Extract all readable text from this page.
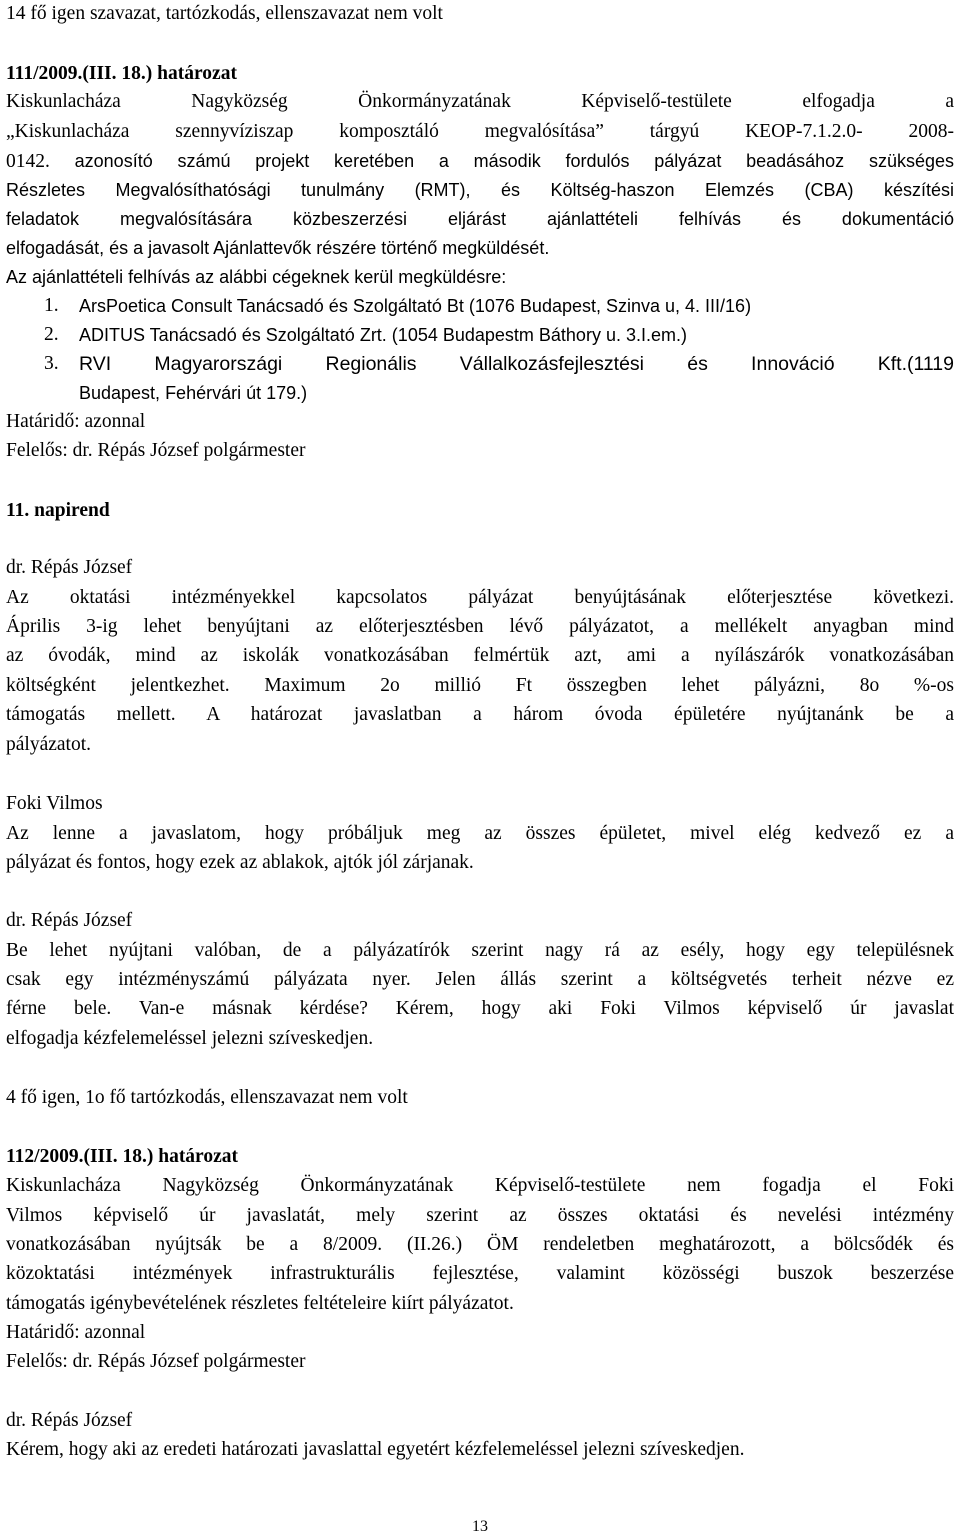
14 fő igen szavazat, tartózkodás, ellenszavazat nem volt
111/2009.(III. 18.) határozat
Kiskunlacháza Nagyközség Önkormányzatának Képviselő-testülete elfogadja a
„Kiskunlacháza szennyvíziszap komposztáló megvalósítása” tárgyú KEOP-7.1.2.0- 2008-
0142. azonosító számú projekt keretében a második fordulós pályázat beadásához szükséges
Részletes Megvalósíthatósági tunulmány (RMT), és Költség-haszon Elemzés (CBA) készítési
feladatok megvalósítására közbeszerzési eljárást ajánlattételi felhívás és dokumentáció
elfogadását, és a javasolt Ajánlattevők részére történő megküldését.
Az ajánlattételi felhívás az alábbi cégeknek kerül megküldésre:
1. ArsPoetica Consult Tanácsadó és Szolgáltató Bt (1076 Budapest, Szinva u, 4. III/16)
2. ADITUS Tanácsadó és Szolgáltató Zrt. (1054 Budapestm Báthory u. 3.I.em.)
3. RVI Magyarországi Regionális Vállalkozásfejlesztési és Innováció Kft.(1119
Budapest, Fehérvári út 179.)
Határidő: azonnal
Felelős: dr. Répás József polgármester
11. napirend
dr. Répás József
Az oktatási intézményekkel kapcsolatos pályázat benyújtásának előterjesztése következi.
Április 3-ig lehet benyújtani az előterjesztésben lévő pályázatot, a mellékelt anyagban mind
az óvodák, mind az iskolák vonatkozásában felmértük azt, ami a nyílászárók vonatkozásában
költségként jelentkezhet. Maximum 2o millió Ft összegben lehet pályázni, 8o %-os
támogatás mellett. A határozat javaslatban a három óvoda épületére nyújtanánk be a
pályázatot.
Foki Vilmos
Az lenne a javaslatom, hogy próbáljuk meg az összes épületet, mivel elég kedvező ez a
pályázat és fontos, hogy ezek az ablakok, ajtók jól zárjanak.
dr. Répás József
Be lehet nyújtani valóban, de a pályázatírók szerint nagy rá az esély, hogy egy településnek
csak egy intézményszámú pályázata nyer. Jelen állás szerint a költségvetés terheit nézve ez
férne bele. Van-e másnak kérdése? Kérem, hogy aki Foki Vilmos képviselő úr javaslat
elfogadja kézfelemeléssel jelezni szíveskedjen.
4 fő igen, 1o fő tartózkodás, ellenszavazat nem volt
112/2009.(III. 18.) határozat
Kiskunlacháza Nagyközség Önkormányzatának Képviselő-testülete nem fogadja el Foki
Vilmos képviselő úr javaslatát, mely szerint az összes oktatási és nevelési intézmény
vonatkozásában nyújtsák be a 8/2009. (II.26.) ÖM rendeletben meghatározott, a bölcsődék és
közoktatási intézmények infrastrukturális fejlesztése, valamint közösségi buszok beszerzése
támogatás igénybevételének részletes feltételeire kiírt pályázatot.
Határidő: azonnal
Felelős: dr. Répás József polgármester
dr. Répás József
Kérem, hogy aki az eredeti határozati javaslattal egyetért kézfelemeléssel jelezni szíveskedjen.
13
